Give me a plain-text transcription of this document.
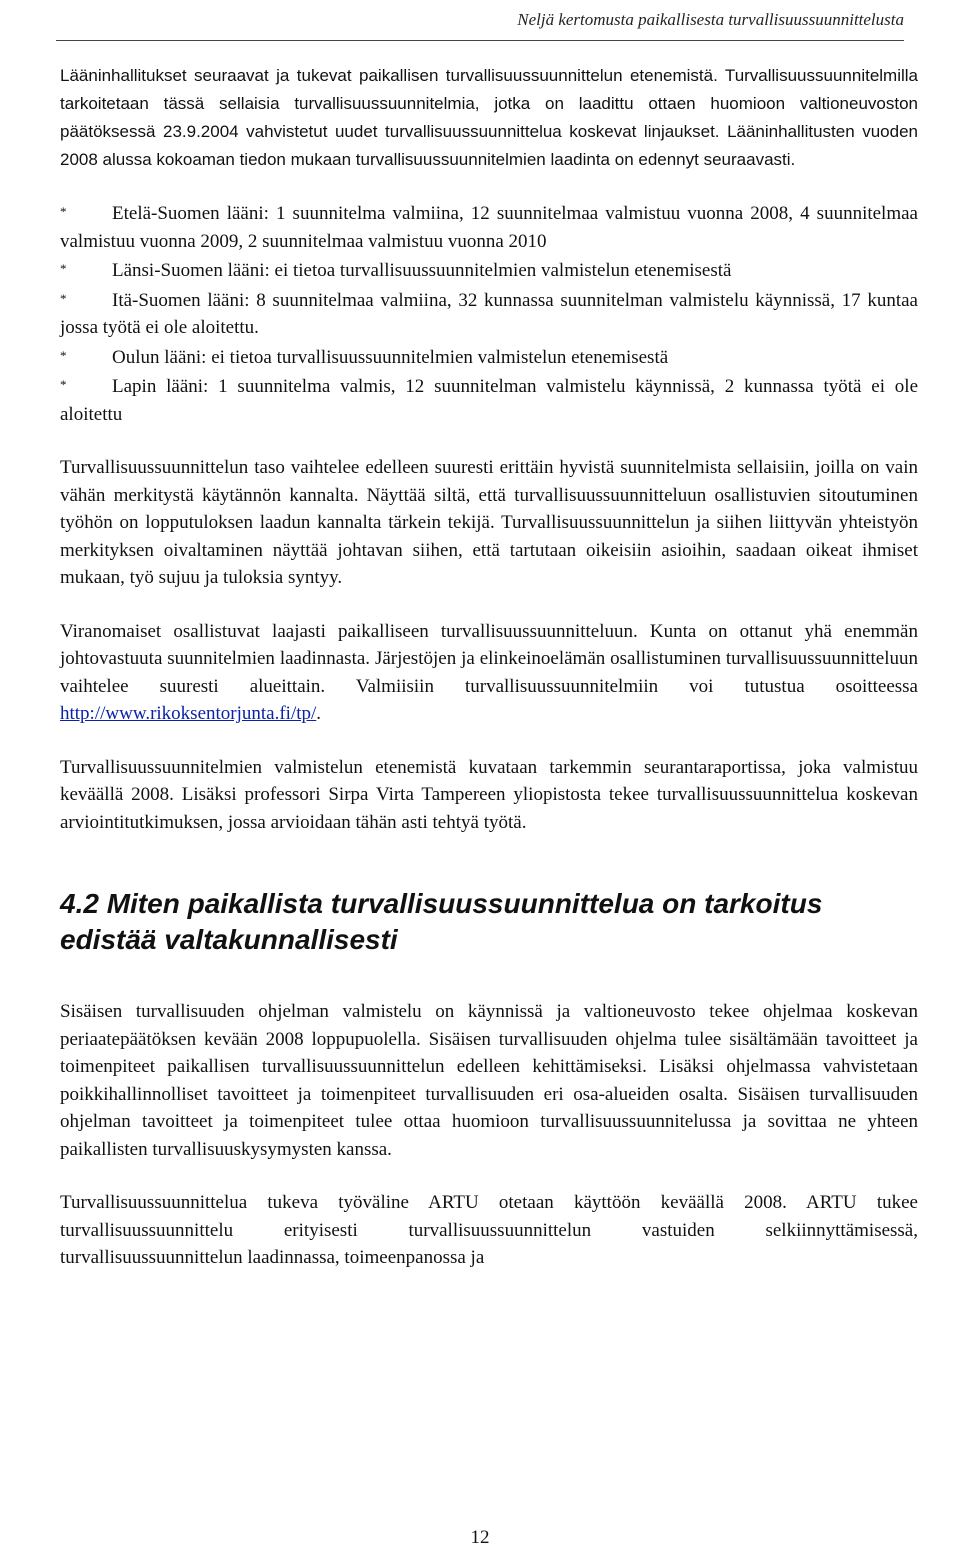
Neljä kertomusta paikallisesta turvallisuussuunnittelusta

Lääninhallitukset seuraavat ja tukevat paikallisen turvallisuussuunnittelun etenemistä. Turvallisuussuunnitelmilla tarkoitetaan tässä sellaisia turvallisuussuunnitelmia, jotka on laadittu ottaen huomioon valtioneuvoston päätöksessä 23.9.2004 vahvistetut uudet turvallisuussuunnittelua koskevat linjaukset. Lääninhallitusten vuoden 2008 alussa kokoaman tiedon mukaan turvallisuussuunnitelmien laadinta on edennyt seuraavasti.

* Etelä-Suomen lääni: 1 suunnitelma valmiina, 12 suunnitelmaa valmistuu vuonna 2008, 4 suunnitelmaa valmistuu vuonna 2009, 2 suunnitelmaa valmistuu vuonna 2010
* Länsi-Suomen lääni: ei tietoa turvallisuussuunnitelmien valmistelun etenemisestä
* Itä-Suomen lääni: 8 suunnitelmaa valmiina, 32 kunnassa suunnitelman valmistelu käynnissä, 17 kuntaa jossa työtä ei ole aloitettu.
* Oulun lääni: ei tietoa turvallisuussuunnitelmien valmistelun etenemisestä
* Lapin lääni: 1 suunnitelma valmis, 12 suunnitelman valmistelu käynnissä, 2 kunnassa työtä ei ole aloitettu

Turvallisuussuunnittelun taso vaihtelee edelleen suuresti erittäin hyvistä suunnitelmista sellaisiin, joilla on vain vähän merkitystä käytännön kannalta. Näyttää siltä, että turvallisuussuunnitteluun osallistuvien sitoutuminen työhön on lopputuloksen laadun kannalta tärkein tekijä. Turvallisuussuunnittelun ja siihen liittyvän yhteistyön merkityksen oivaltaminen näyttää johtavan siihen, että tartutaan oikeisiin asioihin, saadaan oikeat ihmiset mukaan, työ sujuu ja tuloksia syntyy.

Viranomaiset osallistuvat laajasti paikalliseen turvallisuussuunnitteluun. Kunta on ottanut yhä enemmän johtovastuuta suunnitelmien laadinnasta. Järjestöjen ja elinkeinoelämän osallistuminen turvallisuussuunnitteluun vaihtelee suuresti alueittain. Valmiisiin turvallisuussuunnitelmiin voi tutustua osoitteessa http://www.rikoksentorjunta.fi/tp/.

Turvallisuussuunnitelmien valmistelun etenemistä kuvataan tarkemmin seurantaraportissa, joka valmistuu keväällä 2008. Lisäksi professori Sirpa Virta Tampereen yliopistosta tekee turvallisuussuunnittelua koskevan arviointitutkimuksen, jossa arvioidaan tähän asti tehtyä työtä.

4.2 Miten paikallista turvallisuussuunnittelua on tarkoitus edistää valtakunnallisesti

Sisäisen turvallisuuden ohjelman valmistelu on käynnissä ja valtioneuvosto tekee ohjelmaa koskevan periaatepäätöksen kevään 2008 loppupuolella. Sisäisen turvallisuuden ohjelma tulee sisältämään tavoitteet ja toimenpiteet paikallisen turvallisuussuunnittelun edelleen kehittämiseksi. Lisäksi ohjelmassa vahvistetaan poikkihallinnolliset tavoitteet ja toimenpiteet turvallisuuden eri osa-alueiden osalta. Sisäisen turvallisuuden ohjelman tavoitteet ja toimenpiteet tulee ottaa huomioon turvallisuussuunnitelussa ja sovittaa ne yhteen paikallisten turvallisuuskysymysten kanssa.

Turvallisuussuunnittelua tukeva työväline ARTU otetaan käyttöön keväällä 2008. ARTU tukee turvallisuussuunnittelu erityisesti turvallisuussuunnittelun vastuiden selkiinnyttämisessä, turvallisuussuunnittelun laadinnassa, toimeenpanossa ja

12
